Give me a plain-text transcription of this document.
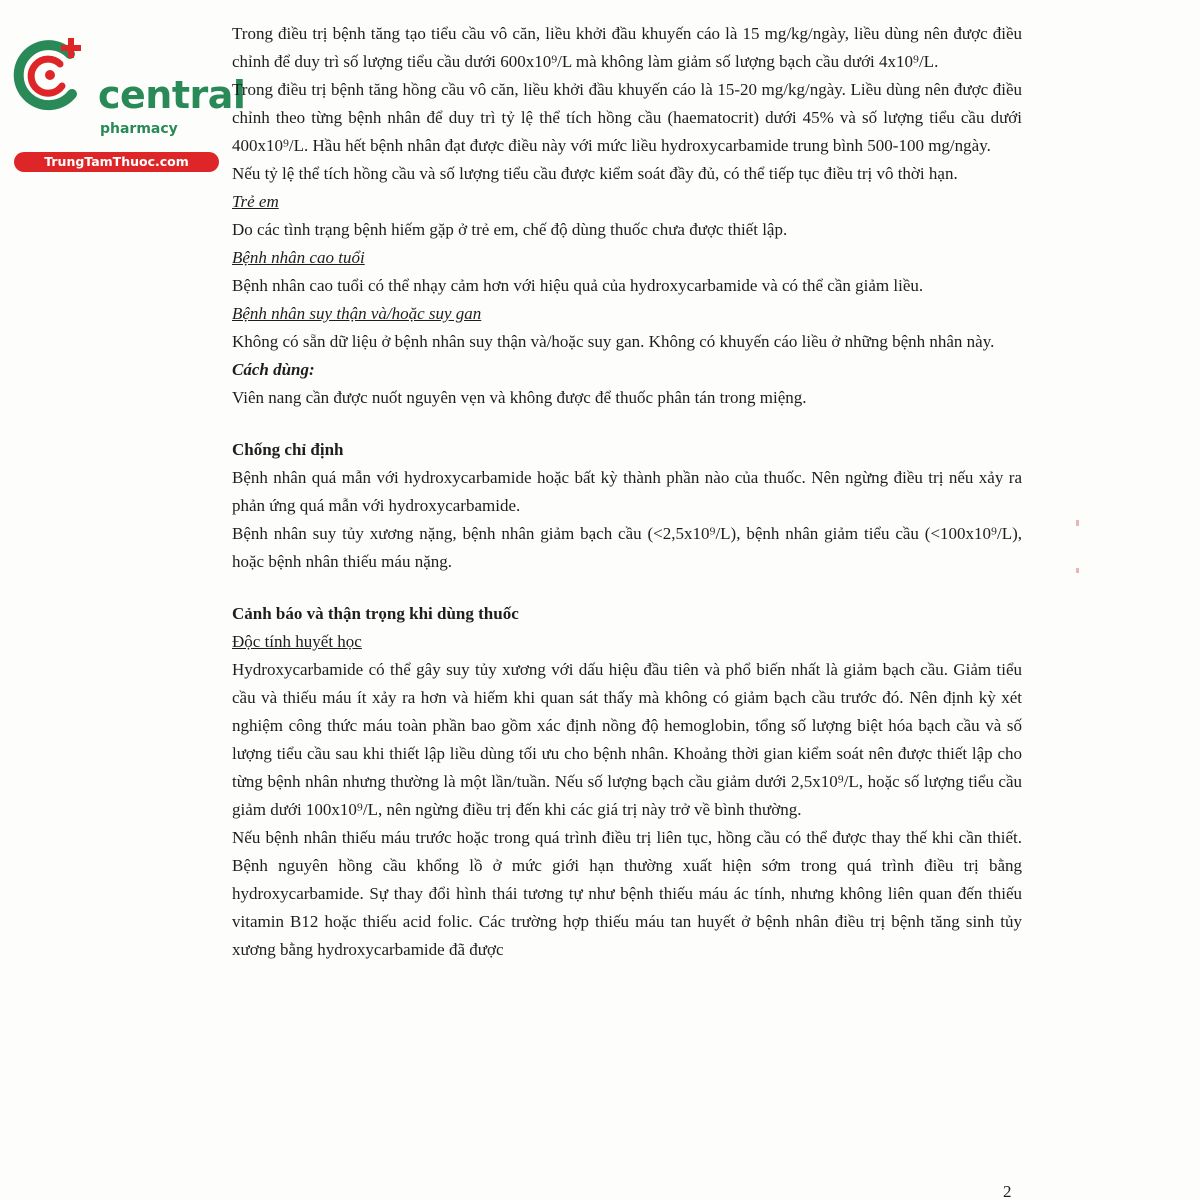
central
pharmacy
TrungTamThuoc.com

Trong điều trị bệnh tăng tạo tiểu cầu vô căn, liều khởi đầu khuyến cáo là 15 mg/kg/ngày, liều dùng nên được điều chỉnh để duy trì số lượng tiểu cầu dưới 600x10⁹/L mà không làm giảm số lượng bạch cầu dưới 4x10⁹/L.

Trong điều trị bệnh tăng hồng cầu vô căn, liều khởi đầu khuyến cáo là 15-20 mg/kg/ngày. Liều dùng nên được điều chỉnh theo từng bệnh nhân để duy trì tỷ lệ thể tích hồng cầu (haematocrit) dưới 45% và số lượng tiểu cầu dưới 400x10⁹/L. Hầu hết bệnh nhân đạt được điều này với mức liều hydroxycarbamide trung bình 500-100 mg/ngày.

Nếu tỷ lệ thể tích hồng cầu và số lượng tiểu cầu được kiểm soát đầy đủ, có thể tiếp tục điều trị vô thời hạn.

Trẻ em

Do các tình trạng bệnh hiếm gặp ở trẻ em, chế độ dùng thuốc chưa được thiết lập.

Bệnh nhân cao tuổi

Bệnh nhân cao tuổi có thể nhạy cảm hơn với hiệu quả của hydroxycarbamide và có thể cần giảm liều.

Bệnh nhân suy thận và/hoặc suy gan

Không có sẵn dữ liệu ở bệnh nhân suy thận và/hoặc suy gan. Không có khuyến cáo liều ở những bệnh nhân này.

Cách dùng:

Viên nang cần được nuốt nguyên vẹn và không được để thuốc phân tán trong miệng.

Chống chỉ định

Bệnh nhân quá mẫn với hydroxycarbamide hoặc bất kỳ thành phần nào của thuốc. Nên ngừng điều trị nếu xảy ra phản ứng quá mẫn với hydroxycarbamide.

Bệnh nhân suy tủy xương nặng, bệnh nhân giảm bạch cầu (<2,5x10⁹/L), bệnh nhân giảm tiểu cầu (<100x10⁹/L), hoặc bệnh nhân thiếu máu nặng.

Cảnh báo và thận trọng khi dùng thuốc

Độc tính huyết học

Hydroxycarbamide có thể gây suy tủy xương với dấu hiệu đầu tiên và phổ biến nhất là giảm bạch cầu. Giảm tiểu cầu và thiếu máu ít xảy ra hơn và hiếm khi quan sát thấy mà không có giảm bạch cầu trước đó. Nên định kỳ xét nghiệm công thức máu toàn phần bao gồm xác định nồng độ hemoglobin, tổng số lượng biệt hóa bạch cầu và số lượng tiểu cầu sau khi thiết lập liều dùng tối ưu cho bệnh nhân. Khoảng thời gian kiểm soát nên được thiết lập cho từng bệnh nhân nhưng thường là một lần/tuần. Nếu số lượng bạch cầu giảm dưới 2,5x10⁹/L, hoặc số lượng tiểu cầu giảm dưới 100x10⁹/L, nên ngừng điều trị đến khi các giá trị này trở về bình thường.

Nếu bệnh nhân thiếu máu trước hoặc trong quá trình điều trị liên tục, hồng cầu có thể được thay thế khi cần thiết. Bệnh nguyên hồng cầu khổng lồ ở mức giới hạn thường xuất hiện sớm trong quá trình điều trị bằng hydroxycarbamide. Sự thay đổi hình thái tương tự như bệnh thiếu máu ác tính, nhưng không liên quan đến thiếu vitamin B12 hoặc thiếu acid folic. Các trường hợp thiếu máu tan huyết ở bệnh nhân điều trị bệnh tăng sinh tủy xương bằng hydroxycarbamide đã được

2
